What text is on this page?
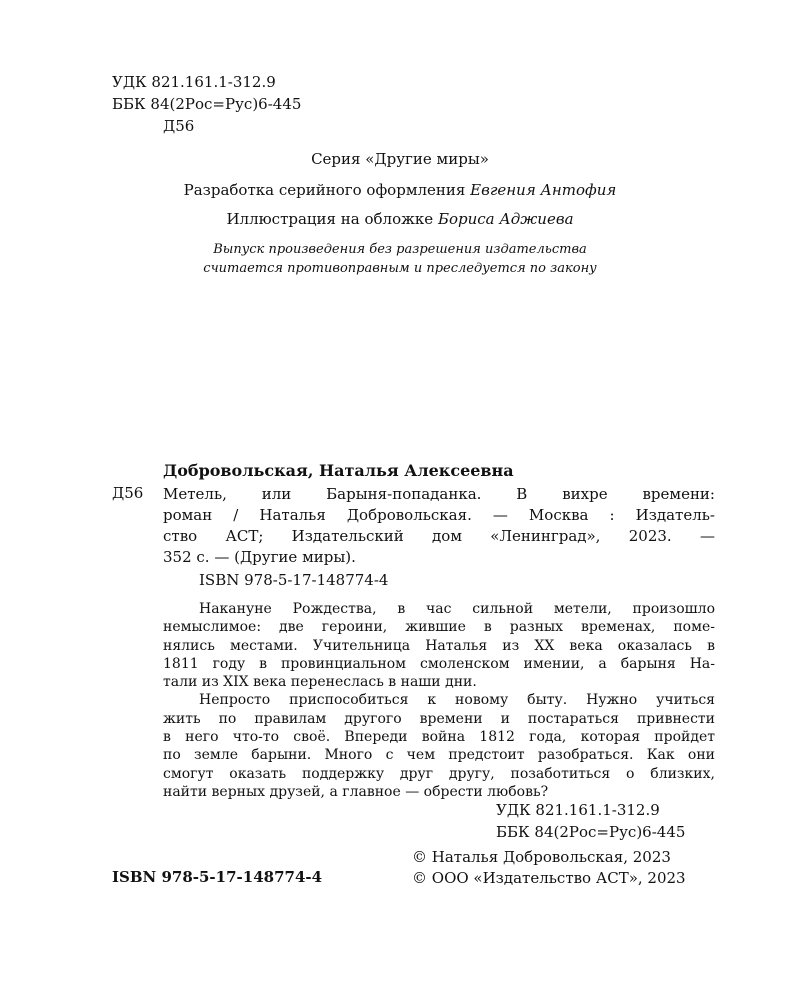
УДК 821.161.1-312.9
ББК 84(2Рос=Рус)6-445
Д56
Серия «Другие миры»
Разработка серийного оформления Евгения Антофия
Иллюстрация на обложке Бориса Аджиева
Выпуск произведения без разрешения издательства
считается противоправным и преследуется по закону
Добровольская, Наталья Алексеевна
Д56 Метель, или Барыня-попаданка. В вихре времени:
роман / Наталья Добровольская. — Москва : Издатель-
ство АСТ; Издательский дом «Ленинград», 2023. —
352 с. — (Другие миры).
ISBN 978-5-17-148774-4
Накануне Рождества, в час сильной метели, произошло
немыслимое: две героини, жившие в разных временах, поме-
нялись местами. Учительница Наталья из XX века оказалась в
1811 году в провинциальном смоленском имении, а барыня На-
тали из XIX века перенеслась в наши дни.
Непросто приспособиться к новому быту. Нужно учиться
жить по правилам другого времени и постараться привнести
в него что-то своё. Впереди война 1812 года, которая пройдет
по земле барыни. Много с чем предстоит разобраться. Как они
смогут оказать поддержку друг другу, позаботиться о близких,
найти верных друзей, а главное — обрести любовь?
УДК 821.161.1-312.9
ББК 84(2Рос=Рус)6-445
© Наталья Добровольская, 2023
© ООО «Издательство АСТ», 2023
ISBN 978-5-17-148774-4
